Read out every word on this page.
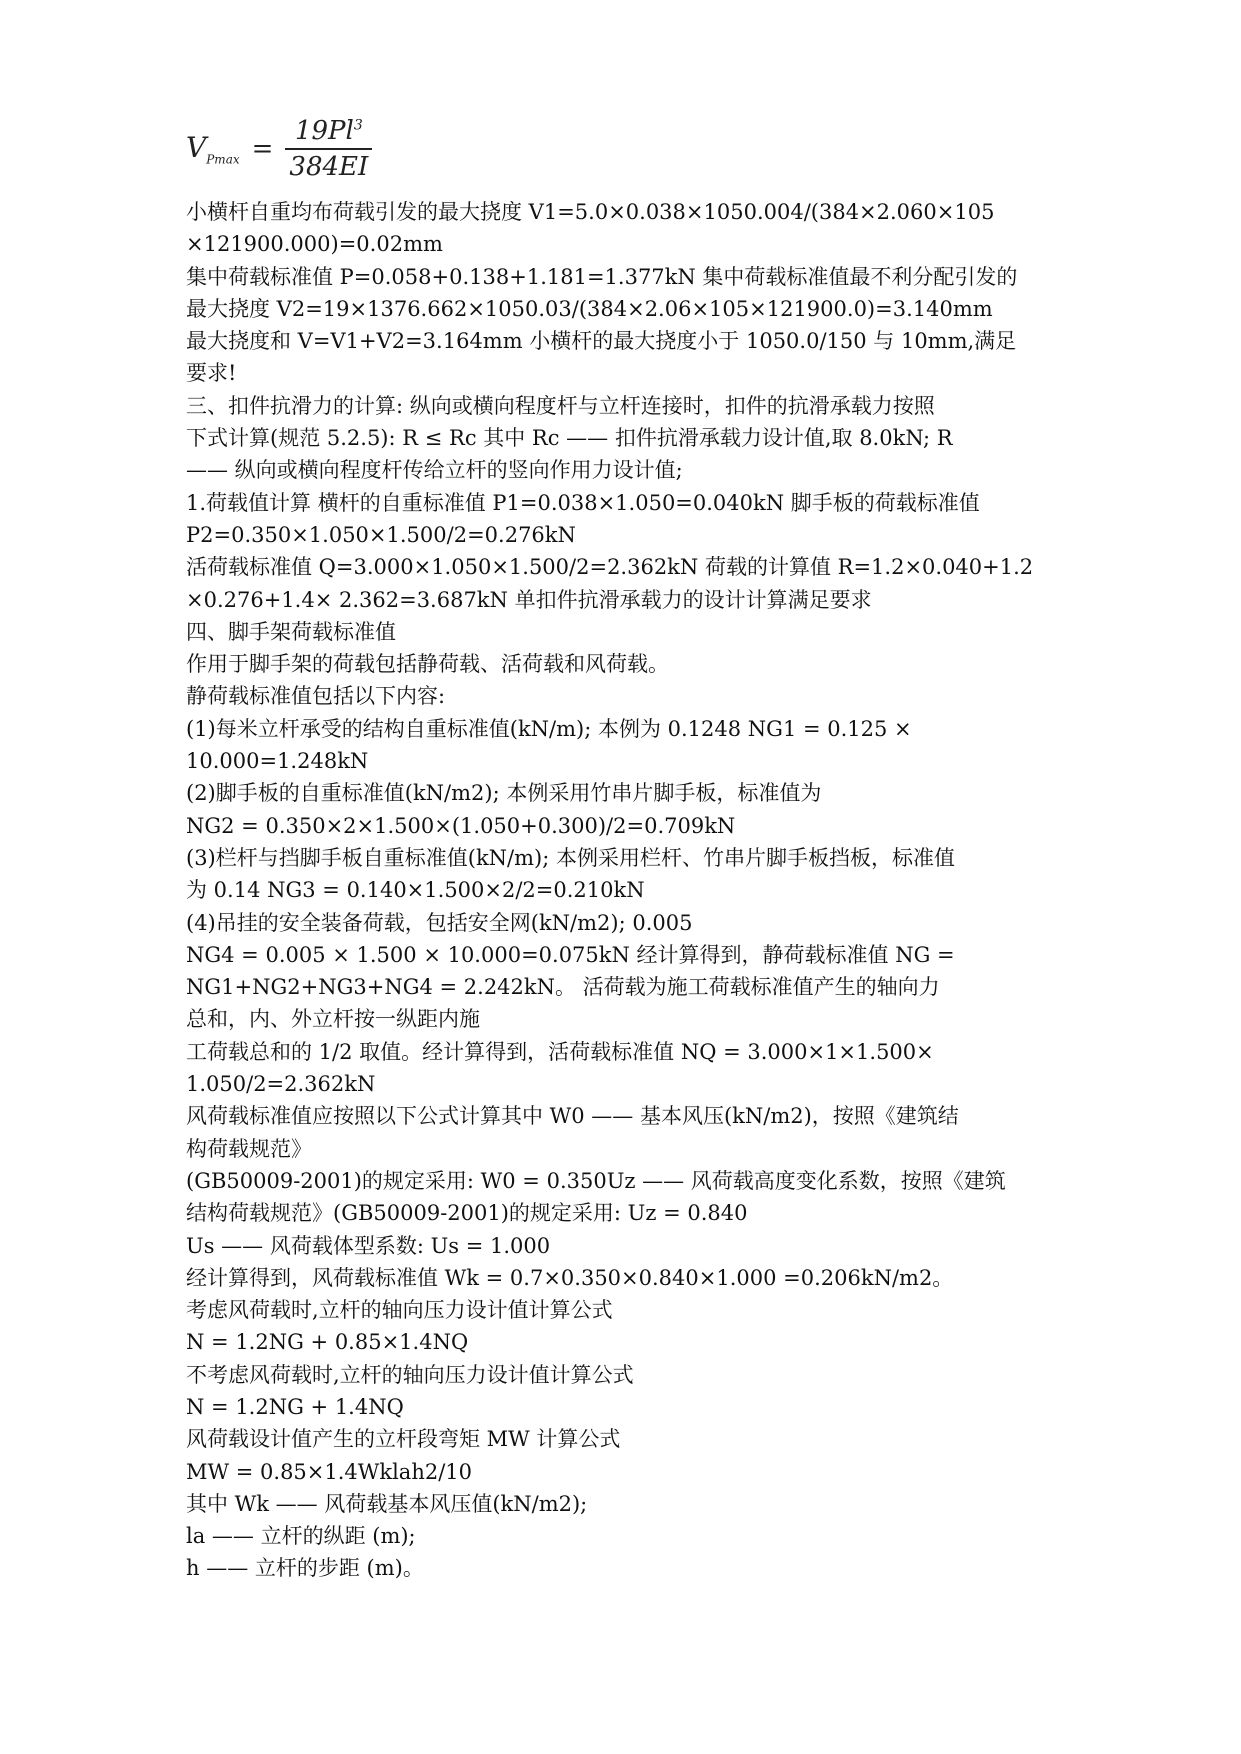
$V_{Pmax} = \frac{19Pl^3}{384EI}$
小横杆自重均布荷载引发的最大挠度 V1=5.0×0.038×1050.004/(384×2.060×105
×121900.000)=0.02mm
集中荷载标准值 P=0.058+0.138+1.181=1.377kN 集中荷载标准值最不利分配引发的
最大挠度 V2=19×1376.662×1050.03/(384×2.06×105×121900.0)=3.140mm
最大挠度和 V=V1+V2=3.164mm 小横杆的最大挠度小于 1050.0/150 与 10mm,满足
要求!
三、扣件抗滑力的计算: 纵向或横向程度杆与立杆连接时，扣件的抗滑承载力按照
下式计算(规范 5.2.5): R ≤ Rc 其中 Rc —— 扣件抗滑承载力设计值,取 8.0kN; R
—— 纵向或横向程度杆传给立杆的竖向作用力设计值;
1.荷载值计算 横杆的自重标准值 P1=0.038×1.050=0.040kN 脚手板的荷载标准值
P2=0.350×1.050×1.500/2=0.276kN
活荷载标准值 Q=3.000×1.050×1.500/2=2.362kN 荷载的计算值 R=1.2×0.040+1.2
×0.276+1.4× 2.362=3.687kN 单扣件抗滑承载力的设计计算满足要求
四、脚手架荷载标准值
作用于脚手架的荷载包括静荷载、活荷载和风荷载。
静荷载标准值包括以下内容:
(1)每米立杆承受的结构自重标准值(kN/m); 本例为 0.1248 NG1 = 0.125 ×
10.000=1.248kN
(2)脚手板的自重标准值(kN/m2); 本例采用竹串片脚手板，标准值为
NG2 = 0.350×2×1.500×(1.050+0.300)/2=0.709kN
(3)栏杆与挡脚手板自重标准值(kN/m); 本例采用栏杆、竹串片脚手板挡板，标准值
为 0.14 NG3 = 0.140×1.500×2/2=0.210kN
(4)吊挂的安全装备荷载，包括安全网(kN/m2); 0.005
NG4 = 0.005 × 1.500 × 10.000=0.075kN 经计算得到，静荷载标准值 NG =
NG1+NG2+NG3+NG4 = 2.242kN。 活荷载为施工荷载标准值产生的轴向力
总和，内、外立杆按一纵距内施
工荷载总和的 1/2 取值。经计算得到，活荷载标准值 NQ = 3.000×1×1.500×
1.050/2=2.362kN
风荷载标准值应按照以下公式计算其中 W0 —— 基本风压(kN/m2)，按照《建筑结
构荷载规范》
(GB50009-2001)的规定采用: W0 = 0.350Uz —— 风荷载高度变化系数，按照《建筑
结构荷载规范》(GB50009-2001)的规定采用: Uz = 0.840
Us —— 风荷载体型系数: Us = 1.000
经计算得到，风荷载标准值 Wk = 0.7×0.350×0.840×1.000 =0.206kN/m2。
考虑风荷载时,立杆的轴向压力设计值计算公式
N = 1.2NG + 0.85×1.4NQ
不考虑风荷载时,立杆的轴向压力设计值计算公式
N = 1.2NG + 1.4NQ
风荷载设计值产生的立杆段弯矩 MW 计算公式
MW = 0.85×1.4Wklah2/10
其中 Wk —— 风荷载基本风压值(kN/m2);
la —— 立杆的纵距 (m);
h —— 立杆的步距 (m)。
